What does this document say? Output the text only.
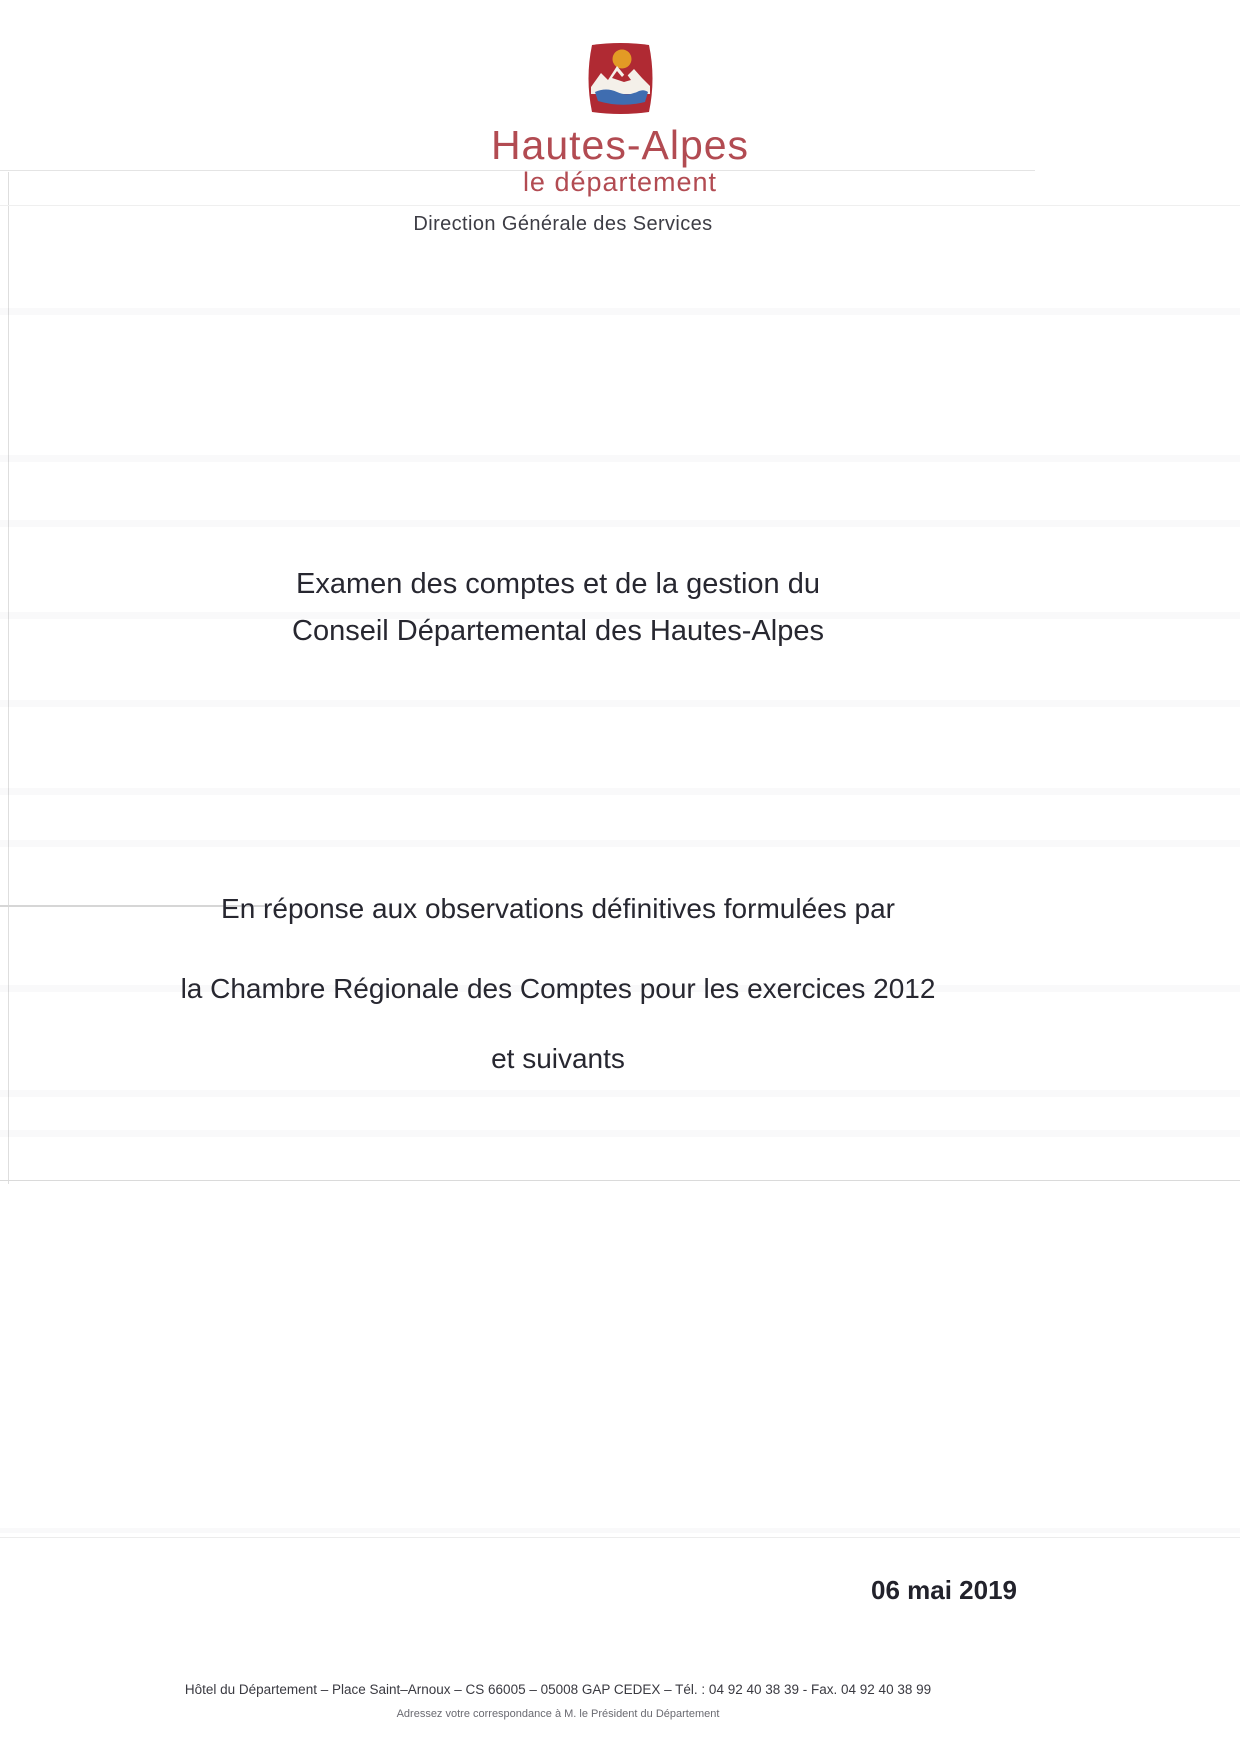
Hautes-Alpes
le département
Direction Générale des Services
Examen des comptes et de la gestion du
Conseil Départemental des Hautes-Alpes
En réponse aux observations définitives formulées par
la Chambre Régionale des Comptes pour les exercices 2012
et suivants
06 mai 2019
Hôtel du Département – Place Saint–Arnoux – CS 66005 – 05008 GAP CEDEX – Tél. : 04 92 40 38 39 - Fax. 04 92 40 38 99
Adressez votre correspondance à M. le Président du Département
